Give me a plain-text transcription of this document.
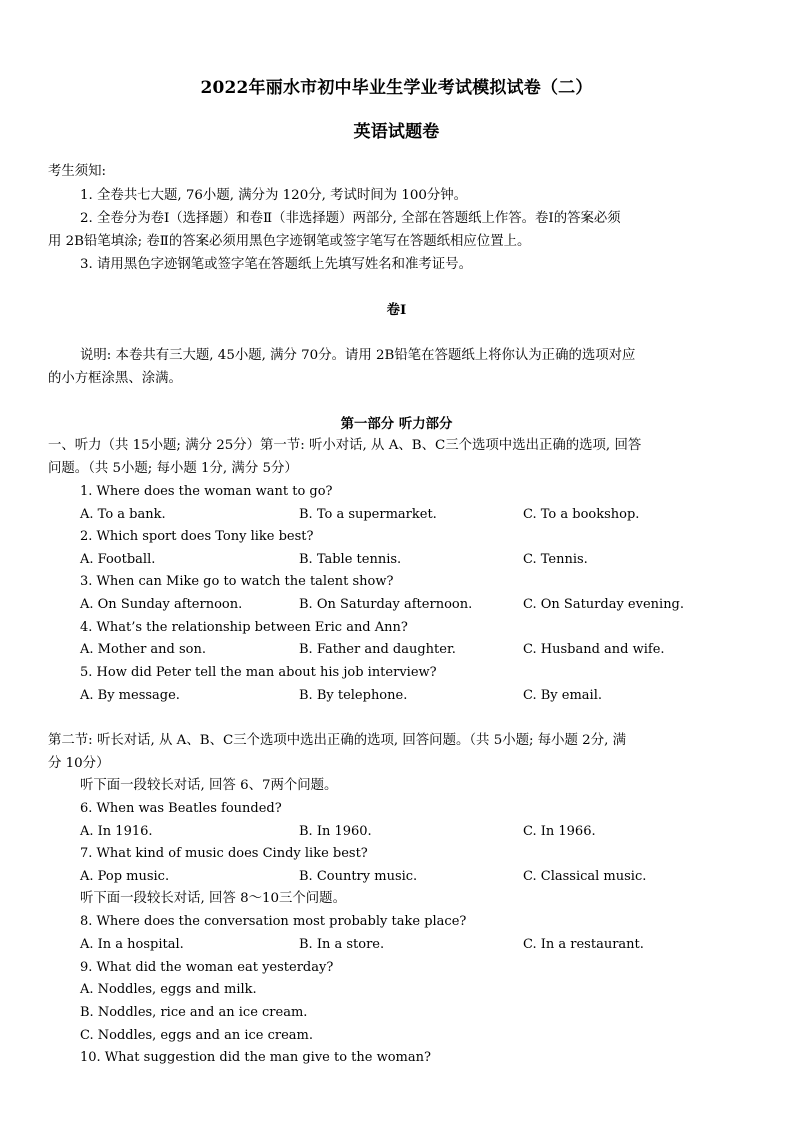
2022年丽水市初中毕业生学业考试模拟试卷（二）
英语试题卷
考生须知:
1. 全卷共七大题, 76小题, 满分为 120分, 考试时间为 100分钟。
2. 全卷分为卷Ⅰ（选择题）和卷Ⅱ（非选择题）两部分, 全部在答题纸上作答。卷Ⅰ的答案必须
用 2B铅笔填涂; 卷Ⅱ的答案必须用黑色字迹钢笔或签字笔写在答题纸相应位置上。
3. 请用黑色字迹钢笔或签字笔在答题纸上先填写姓名和准考证号。
卷Ⅰ
说明: 本卷共有三大题, 45小题, 满分 70分。请用 2B铅笔在答题纸上将你认为正确的选项对应
的小方框涂黑、涂满。
第一部分 听力部分
一、听力（共 15小题; 满分 25分）第一节: 听小对话, 从 A、B、C三个选项中选出正确的选项, 回答
问题。（共 5小题; 每小题 1分, 满分 5分）
1. Where does the woman want to go?
A. To a bank.	B. To a supermarket.	C. To a bookshop.
2. Which sport does Tony like best?
A. Football.	B. Table tennis.	C. Tennis.
3. When can Mike go to watch the talent show?
A. On Sunday afternoon.	B. On Saturday afternoon.	C. On Saturday evening.
4. What’s the relationship between Eric and Ann?
A. Mother and son.	B. Father and daughter.	C. Husband and wife.
5. How did Peter tell the man about his job interview?
A. By message.	B. By telephone.	C. By email.
第二节: 听长对话, 从 A、B、C三个选项中选出正确的选项, 回答问题。（共 5小题; 每小题 2分, 满
分 10分）
听下面一段较长对话, 回答 6、7两个问题。
6. When was Beatles founded?
A. In 1916.	B. In 1960.	C. In 1966.
7. What kind of music does Cindy like best?
A. Pop music.	B. Country music.	C. Classical music.
听下面一段较长对话, 回答 8～10三个问题。
8. Where does the conversation most probably take place?
A. In a hospital.	B. In a store.	C. In a restaurant.
9. What did the woman eat yesterday?
A. Noddles, eggs and milk.
B. Noddles, rice and an ice cream.
C. Noddles, eggs and an ice cream.
10. What suggestion did the man give to the woman?
